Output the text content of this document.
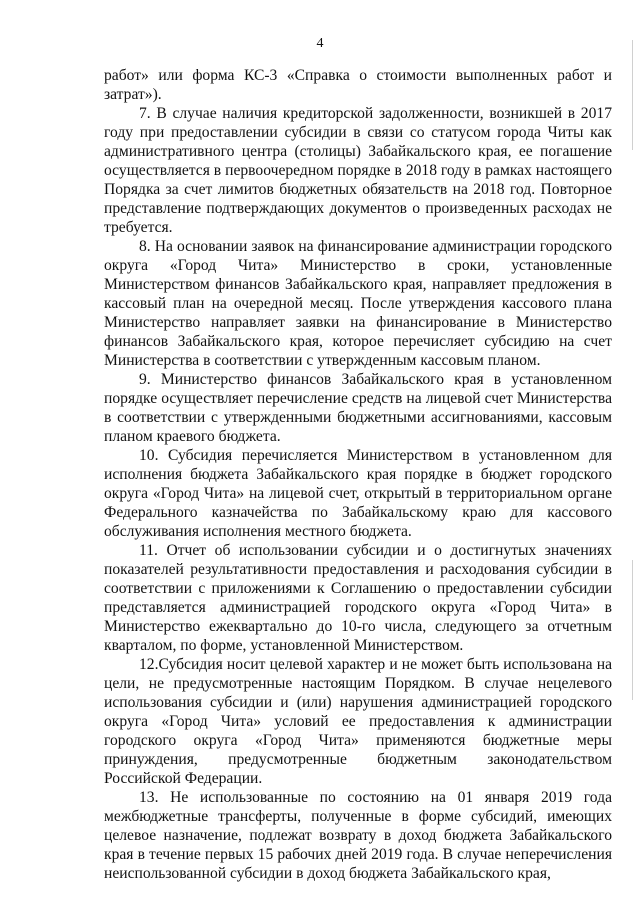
4

работ» или форма КС-3 «Справка о стоимости выполненных работ и затрат»).

7. В случае наличия кредиторской задолженности, возникшей в 2017 году при предоставлении субсидии в связи со статусом города Читы как административного центра (столицы) Забайкальского края, ее погашение осуществляется в первоочередном порядке в 2018 году в рамках настоящего Порядка за счет лимитов бюджетных обязательств на 2018 год. Повторное представление подтверждающих документов о произведенных расходах не требуется.

8. На основании заявок на финансирование администрации городского округа «Город Чита» Министерство в сроки, установленные Министерством финансов Забайкальского края, направляет предложения в кассовый план на очередной месяц. После утверждения кассового плана Министерство направляет заявки на финансирование в Министерство финансов Забайкальского края, которое перечисляет субсидию на счет Министерства в соответствии с утвержденным кассовым планом.

9. Министерство финансов Забайкальского края в установленном порядке осуществляет перечисление средств на лицевой счет Министерства в соответствии с утвержденными бюджетными ассигнованиями, кассовым планом краевого бюджета.

10. Субсидия перечисляется Министерством в установленном для исполнения бюджета Забайкальского края порядке в бюджет городского округа «Город Чита» на лицевой счет, открытый в территориальном органе Федерального казначейства по Забайкальскому краю для кассового обслуживания исполнения местного бюджета.

11. Отчет об использовании субсидии и о достигнутых значениях показателей результативности предоставления и расходования субсидии в соответствии с приложениями к Соглашению о предоставлении субсидии представляется администрацией городского округа «Город Чита» в Министерство ежеквартально до 10-го числа, следующего за отчетным кварталом, по форме, установленной Министерством.

12.Субсидия носит целевой характер и не может быть использована на цели, не предусмотренные настоящим Порядком. В случае нецелевого использования субсидии и (или) нарушения администрацией городского округа «Город Чита» условий ее предоставления к администрации городского округа «Город Чита» применяются бюджетные меры принуждения, предусмотренные бюджетным законодательством Российской Федерации.

13. Не использованные по состоянию на 01 января 2019 года межбюджетные трансферты, полученные в форме субсидий, имеющих целевое назначение, подлежат возврату в доход бюджета Забайкальского края в течение первых 15 рабочих дней 2019 года. В случае неперечисления неиспользованной субсидии в доход бюджета Забайкальского края,
